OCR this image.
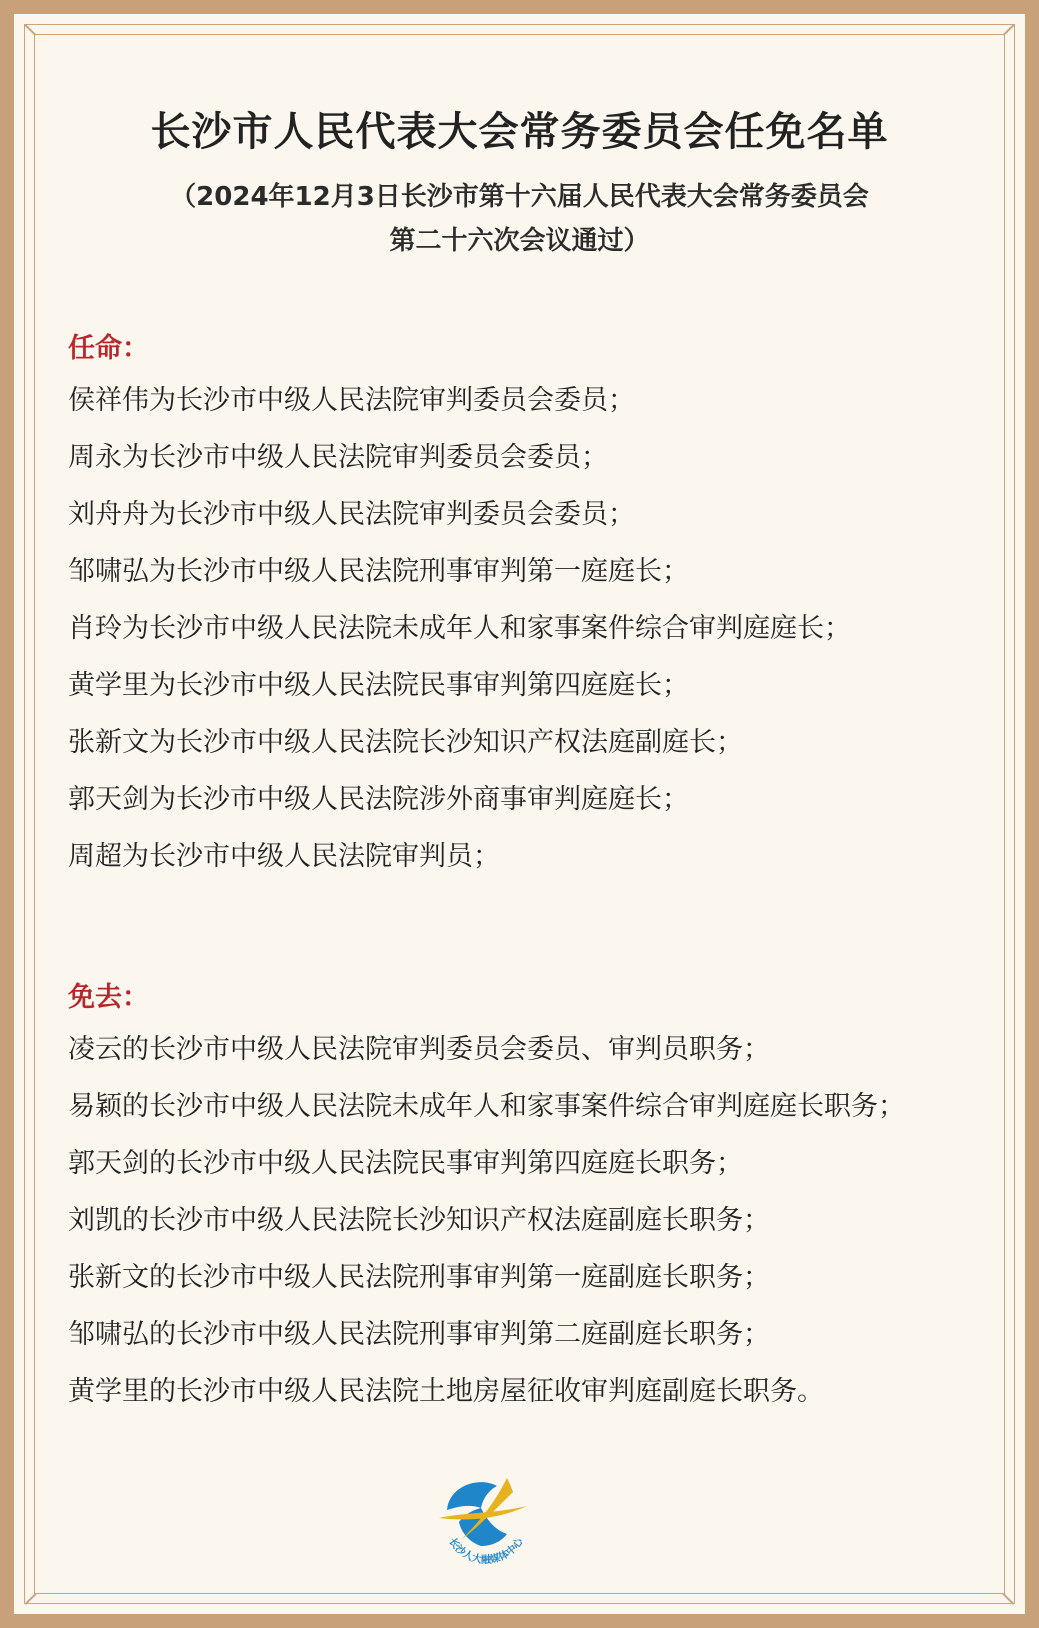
长沙市人民代表大会常务委员会任免名单

（2024年12月3日长沙市第十六届人民代表大会常务委员会

第二十六次会议通过）

任命：
侯祥伟为长沙市中级人民法院审判委员会委员；
周永为长沙市中级人民法院审判委员会委员；
刘舟舟为长沙市中级人民法院审判委员会委员；
邹啸弘为长沙市中级人民法院刑事审判第一庭庭长；
肖玲为长沙市中级人民法院未成年人和家事案件综合审判庭庭长；
黄学里为长沙市中级人民法院民事审判第四庭庭长；
张新文为长沙市中级人民法院长沙知识产权法庭副庭长；
郭天剑为长沙市中级人民法院涉外商事审判庭庭长；
周超为长沙市中级人民法院审判员；
免去：
凌云的长沙市中级人民法院审判委员会委员、审判员职务；
易颖的长沙市中级人民法院未成年人和家事案件综合审判庭庭长职务；
郭天剑的长沙市中级人民法院民事审判第四庭庭长职务；
刘凯的长沙市中级人民法院长沙知识产权法庭副庭长职务；
张新文的长沙市中级人民法院刑事审判第一庭副庭长职务；
邹啸弘的长沙市中级人民法院刑事审判第二庭副庭长职务；
黄学里的长沙市中级人民法院土地房屋征收审判庭副庭长职务。
长沙人大融媒体中心
